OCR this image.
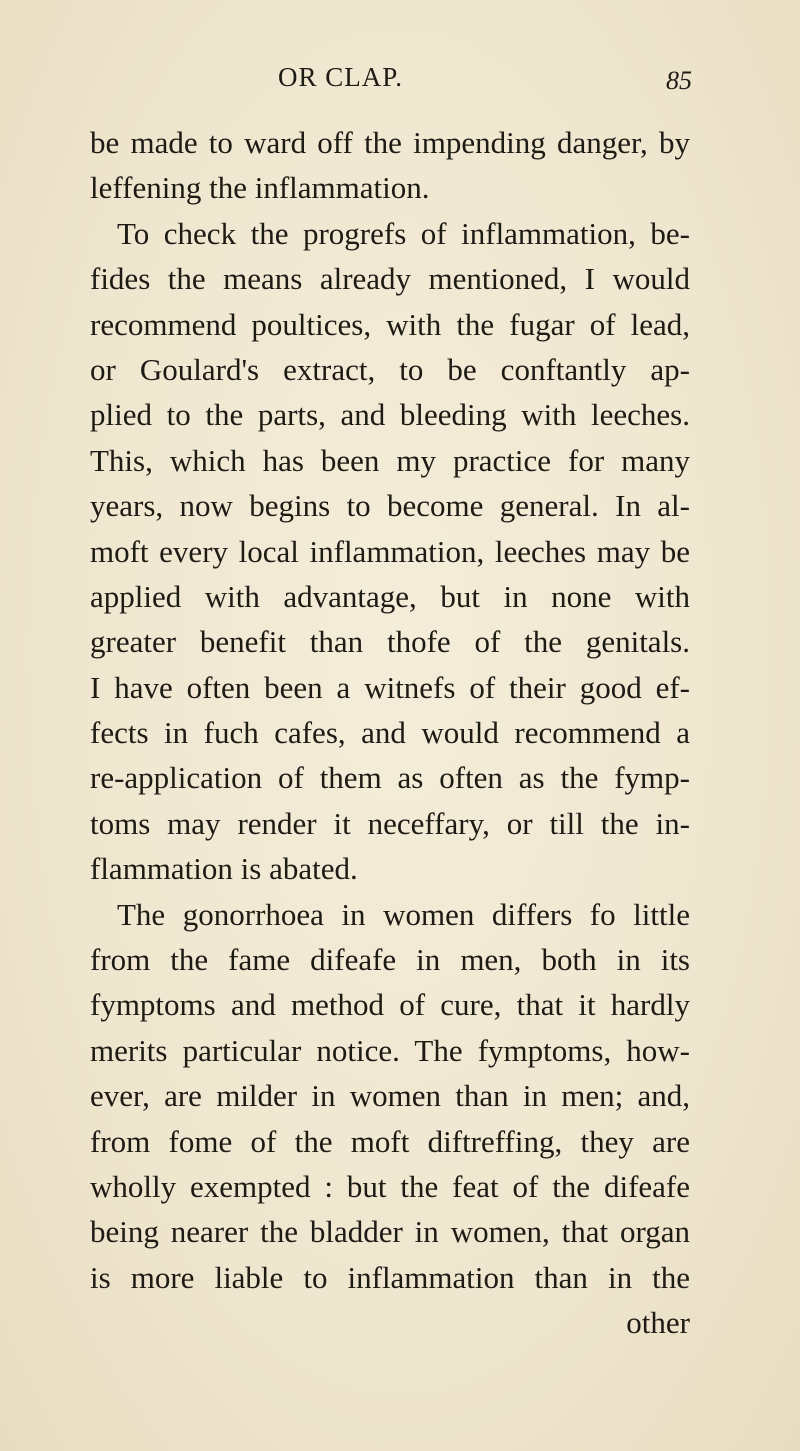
OR CLAP.	85
be made to ward off the impending danger, by
leffening the inflammation.
To check the progrefs of inflammation, be-
fides the means already mentioned, I would
recommend poultices, with the fugar of lead,
or Goulard's extract, to be conftantly ap-
plied to the parts, and bleeding with leeches.
This, which has been my practice for many
years, now begins to become general. In al-
moft every local inflammation, leeches may be
applied with advantage, but in none with
greater benefit than thofe of the genitals.
I have often been a witnefs of their good ef-
fects in fuch cafes, and would recommend a
re-application of them as often as the fymp-
toms may render it neceffary, or till the in-
flammation is abated.
The gonorrhoea in women differs fo little
from the fame difeafe in men, both in its
fymptoms and method of cure, that it hardly
merits particular notice. The fymptoms, how-
ever, are milder in women than in men; and,
from fome of the moft diftreffing, they are
wholly exempted : but the feat of the difeafe
being nearer the bladder in women, that organ
is more liable to inflammation than in the
other
